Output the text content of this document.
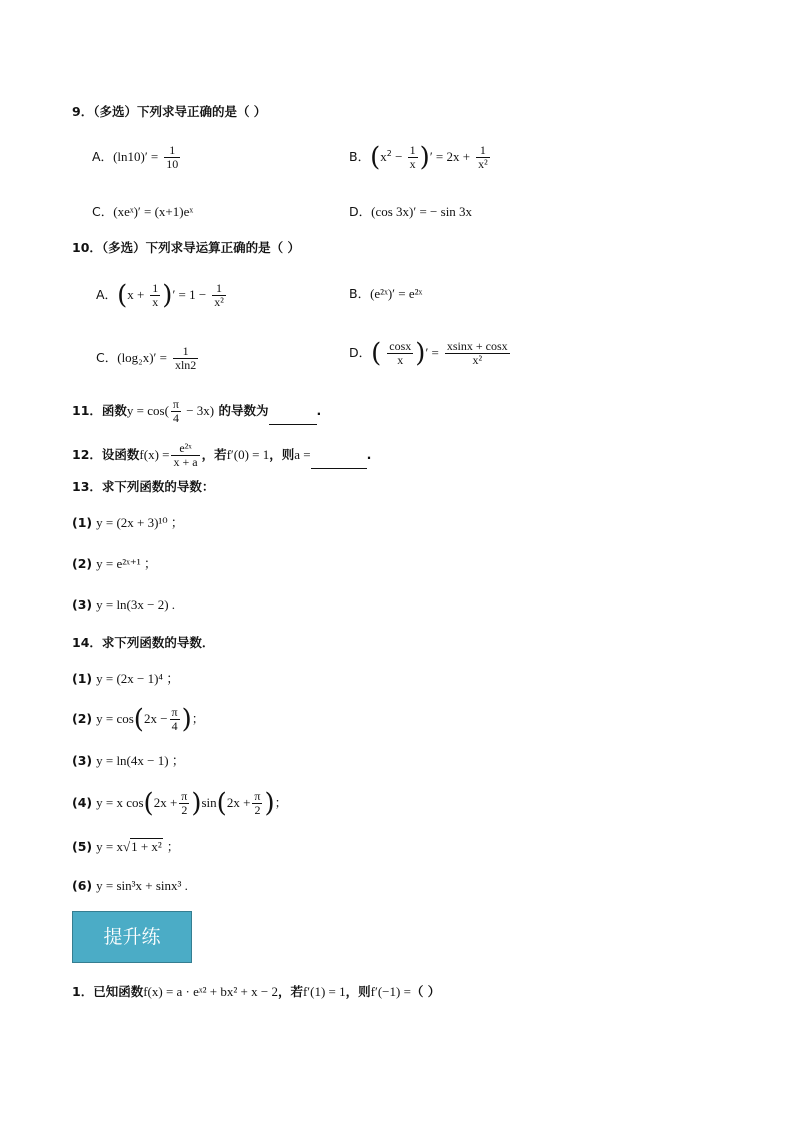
9．（多选）下列求导正确的是（ ）
A．$(\ln 10)' = \frac{1}{10}$	B．($x^2 - \frac{1}{x}$ )′ = $2x + \frac{1}{\text{x²}}$
C．(xeˣ)′ = (x+1)eˣ	D．(cos 3x)′ = − sin 3x
10．（多选）下列求导运算正确的是（ ）
A．($x + \frac{1}{x}$ )′ = $1 - \frac{1}{\text{x²}}$	B．(e²ˣ)′ = e²ˣ
C．$(\log_2x)' = \frac{1}{xln2}$	D．( $\frac{\cos x}{x}$ )′ = $\frac{xsinx + \cos x}{\text{x²}}$
11．函数$y = \cos( \frac{\pi}{4} - 3x)$ 的导数为	.
12．设函数$f(x) = \frac{\text{e²ˣ}}{x + a}$ ，若f′(0) = 1，则a =	.
13．求下列函数的导数：
(1) y = (2x + 3)¹⁰ ；
(2) y = e²ˣ⁺¹ ；
(3) y = ln(3x − 2) .
14．求下列函数的导数．
(1) y = (2x − 1)⁴ ；
(2) $y = \cos(2x - \frac{\pi}{4}$ )；
(3) y = ln(4x − 1) ；
(4) y = x $\cos(2x + \frac{\pi}{2} )\sin(2x + \frac{\pi}{2}$ )；
(5) y = x√1 + x² ；
(6) y = sin³x + sinx³ .
提升练
1．已知函数f(x) = a · eˣ² + bx² + x − 2，若f′(1) = 1，则f′(−1) =（ ）
